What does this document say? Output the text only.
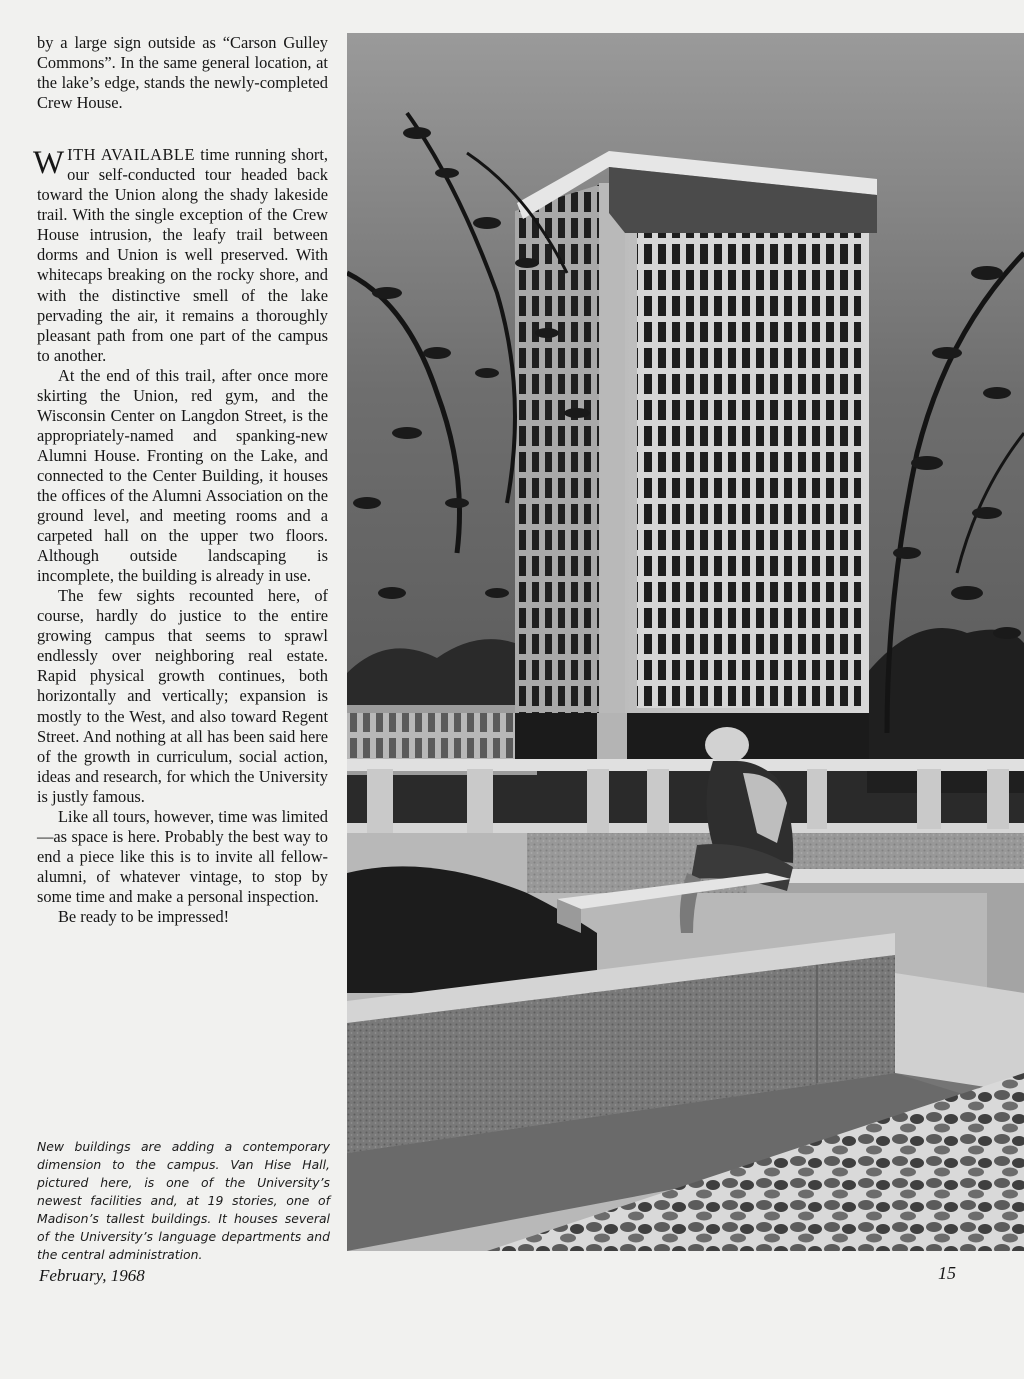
by a large sign outside as “Carson Gulley Commons”. In the same general location, at the lake’s edge, stands the newly-completed Crew House.

WITH AVAILABLE time running short, our self-conducted tour headed back toward the Union along the shady lakeside trail. With the single exception of the Crew House intrusion, the leafy trail between dorms and Union is well preserved. With whitecaps breaking on the rocky shore, and with the distinctive smell of the lake pervading the air, it remains a thoroughly pleasant path from one part of the campus to another.

At the end of this trail, after once more skirting the Union, red gym, and the Wisconsin Center on Langdon Street, is the appropriately-named and spanking-new Alumni House. Fronting on the Lake, and connected to the Center Building, it houses the offices of the Alumni Association on the ground level, and meeting rooms and a carpeted hall on the upper two floors. Although outside landscaping is incomplete, the building is already in use.

The few sights recounted here, of course, hardly do justice to the entire growing campus that seems to sprawl endlessly over neighboring real estate. Rapid physical growth continues, both horizontally and vertically; expansion is mostly to the West, and also toward Regent Street. And nothing at all has been said here of the growth in curriculum, social action, ideas and research, for which the University is justly famous.

Like all tours, however, time was limited—as space is here. Probably the best way to end a piece like this is to invite all fellow-alumni, of whatever vintage, to stop by some time and make a personal inspection.

Be ready to be impressed!

New buildings are adding a contemporary dimension to the campus. Van Hise Hall, pictured here, is one of the University’s newest facilities and, at 19 stories, one of Madison’s tallest buildings. It houses several of the University’s language departments and the central administration.
February, 1968	15
